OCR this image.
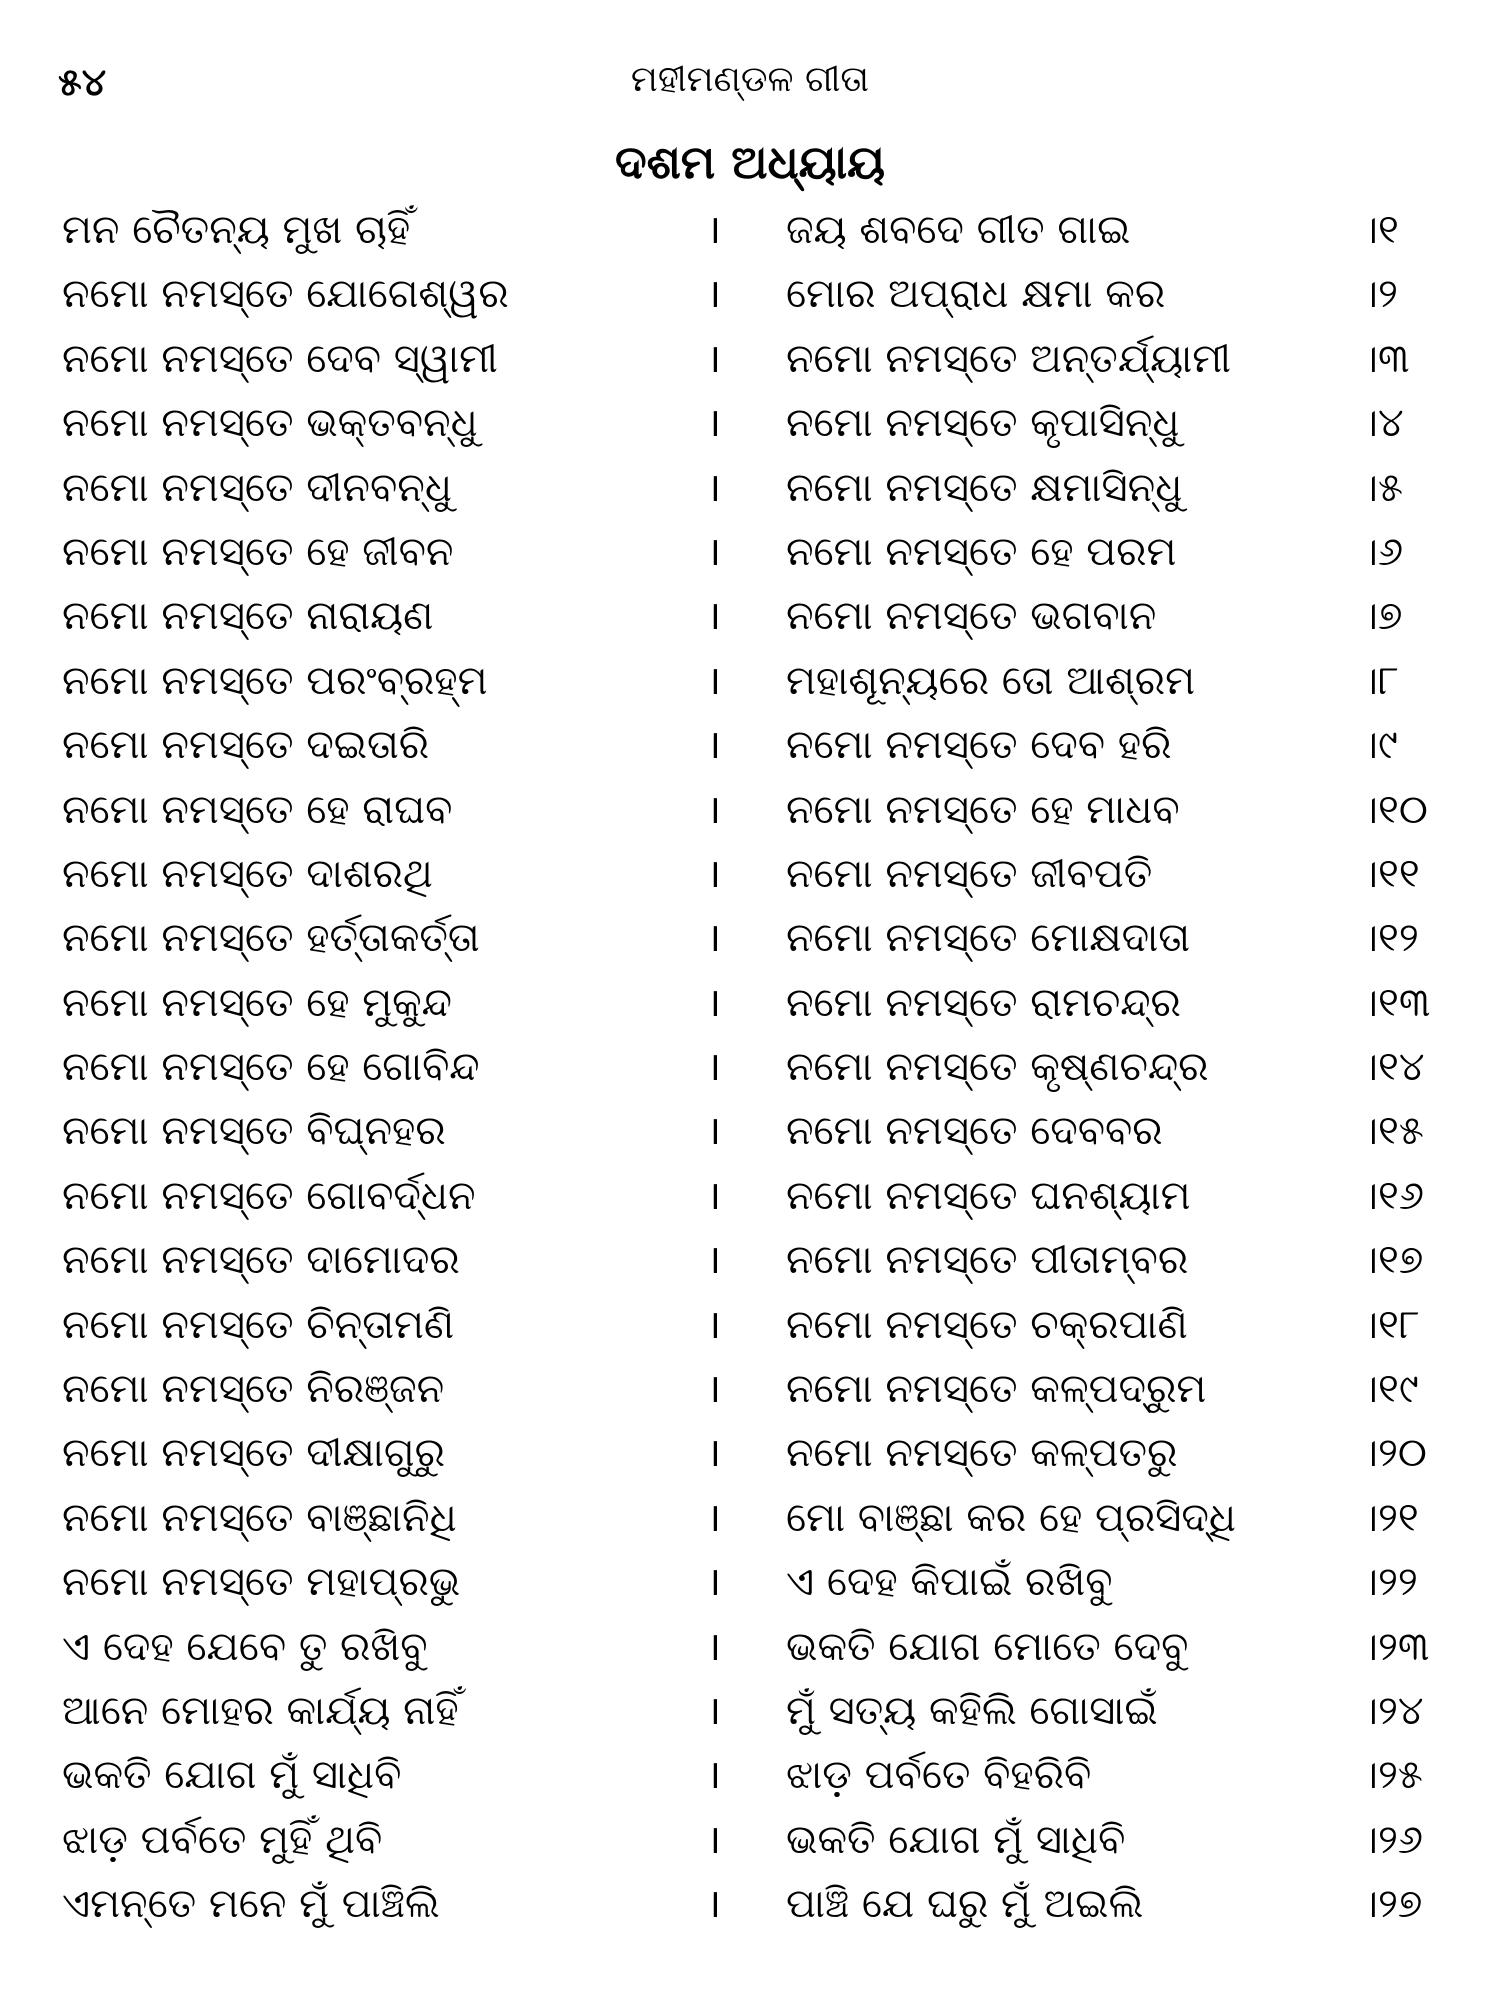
୫୪	ମହୀମଣ୍ଡଳ ଗୀତା
ଦଶମ ଅଧ୍ୟାୟ
ମନ ଚୈତନ୍ୟ ମୁଖ ଚାହିଁ	। ଜୟ ଶବଦେ ଗୀତ ଗାଇ	।୧
ନମୋ ନମସ୍ତେ ଯୋଗେଶ୍ୱର	। ମୋର ଅପ୍ରାଧ କ୍ଷମା କର	।୨
ନମୋ ନମସ୍ତେ ଦେବ ସ୍ୱାମୀ	। ନମୋ ନମସ୍ତେ ଅନ୍ତର୍ଯ୍ୟାମୀ	।୩
ନମୋ ନମସ୍ତେ ଭକ୍ତବନ୍ଧୁ	। ନମୋ ନମସ୍ତେ କୃପାସିନ୍ଧୁ	।୪
ନମୋ ନମସ୍ତେ ଦୀନବନ୍ଧୁ	। ନମୋ ନମସ୍ତେ କ୍ଷମାସିନ୍ଧୁ	।୫
ନମୋ ନମସ୍ତେ ହେ ଜୀବନ	। ନମୋ ନମସ୍ତେ ହେ ପରମ	।୬
ନମୋ ନମସ୍ତେ ନାରାୟଣ	। ନମୋ ନମସ୍ତେ ଭଗବାନ	।୭
ନମୋ ନମସ୍ତେ ପରଂବ୍ରହ୍ମ	। ମହାଶୂନ୍ୟରେ ତୋ ଆଶ୍ରମ	।୮
ନମୋ ନମସ୍ତେ ଦଇତାରି	। ନମୋ ନମସ୍ତେ ଦେବ ହରି	।୯
ନମୋ ନମସ୍ତେ ହେ ରାଘବ	। ନମୋ ନମସ୍ତେ ହେ ମାଧବ	।୧୦
ନମୋ ନମସ୍ତେ ଦାଶରଥି	। ନମୋ ନମସ୍ତେ ଜୀବପତି	।୧୧
ନମୋ ନମସ୍ତେ ହର୍ତ୍ତାକର୍ତ୍ତା	। ନମୋ ନମସ୍ତେ ମୋକ୍ଷଦାତା	।୧୨
ନମୋ ନମସ୍ତେ ହେ ମୁକୁନ୍ଦ	। ନମୋ ନମସ୍ତେ ରାମଚନ୍ଦ୍ର	।୧୩
ନମୋ ନମସ୍ତେ ହେ ଗୋବିନ୍ଦ	। ନମୋ ନମସ୍ତେ କୃଷ୍ଣଚନ୍ଦ୍ର	।୧୪
ନମୋ ନମସ୍ତେ ବିଘ୍ନହର	। ନମୋ ନମସ୍ତେ ଦେବବର	।୧୫
ନମୋ ନମସ୍ତେ ଗୋବର୍ଦ୍ଧନ	। ନମୋ ନମସ୍ତେ ଘନଶ୍ୟାମ	।୧୬
ନମୋ ନମସ୍ତେ ଦାମୋଦର	। ନମୋ ନମସ୍ତେ ପୀତାମ୍ବର	।୧୭
ନମୋ ନମସ୍ତେ ଚିନ୍ତାମଣି	। ନମୋ ନମସ୍ତେ ଚକ୍ରପାଣି	।୧୮
ନମୋ ନମସ୍ତେ ନିରଞ୍ଜନ	। ନମୋ ନମସ୍ତେ କଳ୍ପଦ୍ରୁମ	।୧୯
ନମୋ ନମସ୍ତେ ଦୀକ୍ଷାଗୁରୁ	। ନମୋ ନମସ୍ତେ କଳ୍ପତରୁ	।୨୦
ନମୋ ନମସ୍ତେ ବାଞ୍ଛାନିଧି	। ମୋ ବାଞ୍ଛା କର ହେ ପ୍ରସିଦ୍ଧି	।୨୧
ନମୋ ନମସ୍ତେ ମହାପ୍ରଭୁ	। ଏ ଦେହ କିପାଇଁ ରଖିବୁ	।୨୨
ଏ ଦେହ ଯେବେ ତୁ ରଖିବୁ	। ଭକତି ଯୋଗ ମୋତେ ଦେବୁ	।୨୩
ଆନେ ମୋହର କାର୍ଯ୍ୟ ନାହିଁ	। ମୁଁ ସତ୍ୟ କହିଲି ଗୋସାଇଁ	।୨୪
ଭକତି ଯୋଗ ମୁଁ ସାଧିବି	। ଝାଡ଼ ପର୍ବତେ ବିହରିବି	।୨୫
ଝାଡ଼ ପର୍ବତେ ମୁହିଁ ଥିବି	। ଭକତି ଯୋଗ ମୁଁ ସାଧିବି	।୨୬
ଏମନ୍ତେ ମନେ ମୁଁ ପାଞ୍ଚିଲି	। ପାଞ୍ଚି ଯେ ଘରୁ ମୁଁ ଅଇଲି	।୨୭
